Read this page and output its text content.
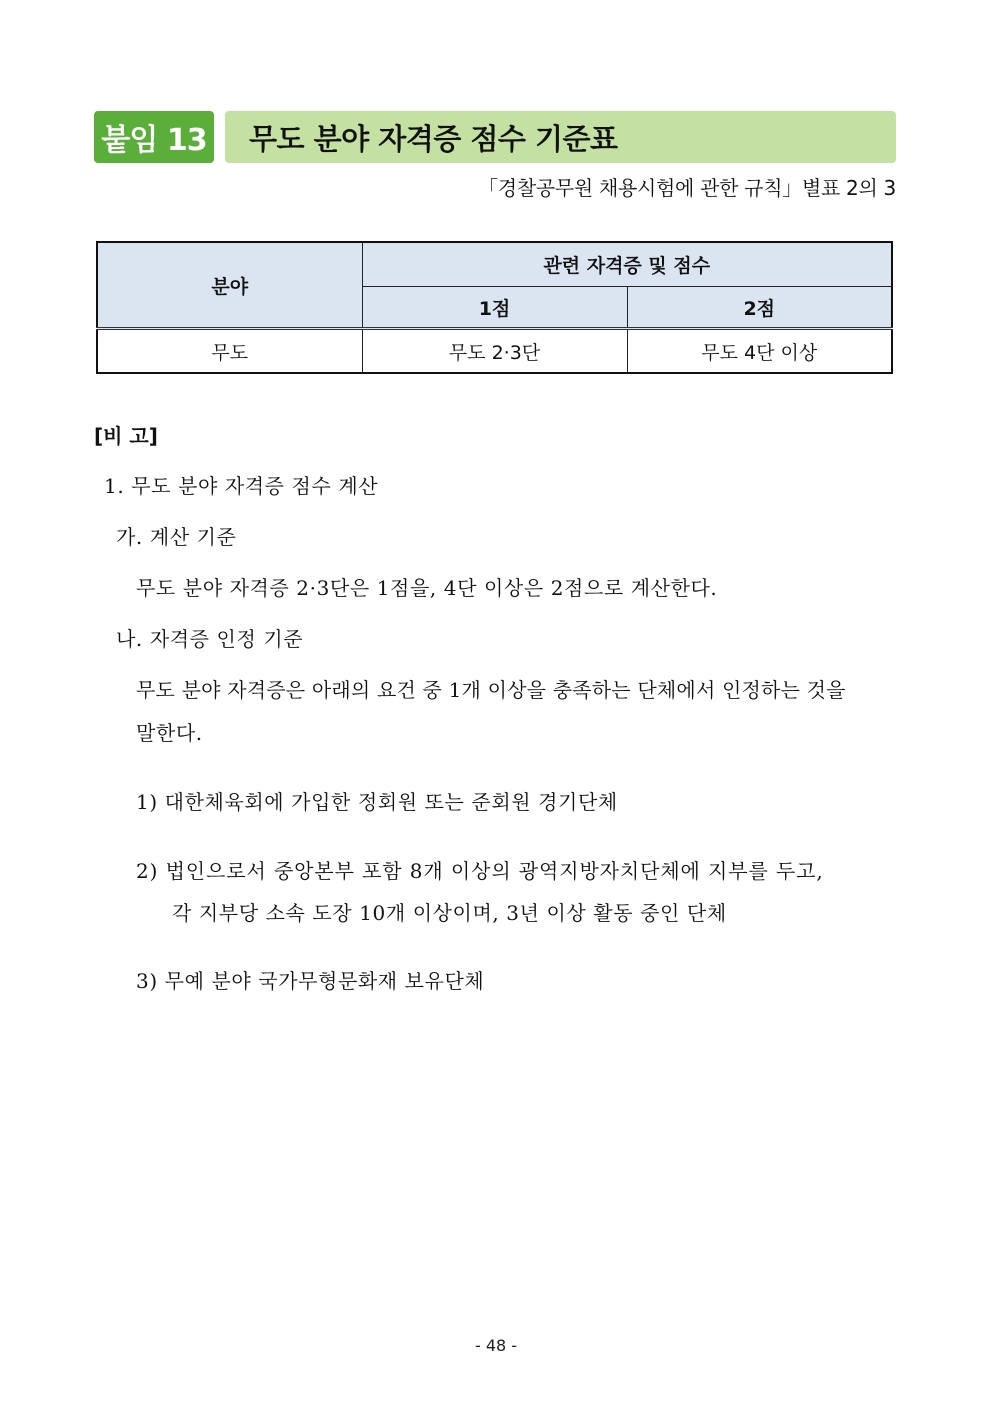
붙임 13	무도 분야 자격증 점수 기준표
「경찰공무원 채용시험에 관한 규칙」별표 2의 3
분야	관련 자격증 및 점수	
	1점	2점
무도	무도 2·3단	무도 4단 이상
[비 고]
1. 무도 분야 자격증 점수 계산
가. 계산 기준
무도 분야 자격증 2·3단은 1점을, 4단 이상은 2점으로 계산한다.
나. 자격증 인정 기준
무도 분야 자격증은 아래의 요건 중 1개 이상을 충족하는 단체에서 인정하는 것을
말한다.
1) 대한체육회에 가입한 정회원 또는 준회원 경기단체
2) 법인으로서 중앙본부 포함 8개 이상의 광역지방자치단체에 지부를 두고,
각 지부당 소속 도장 10개 이상이며, 3년 이상 활동 중인 단체
3) 무예 분야 국가무형문화재 보유단체
- 48 -
